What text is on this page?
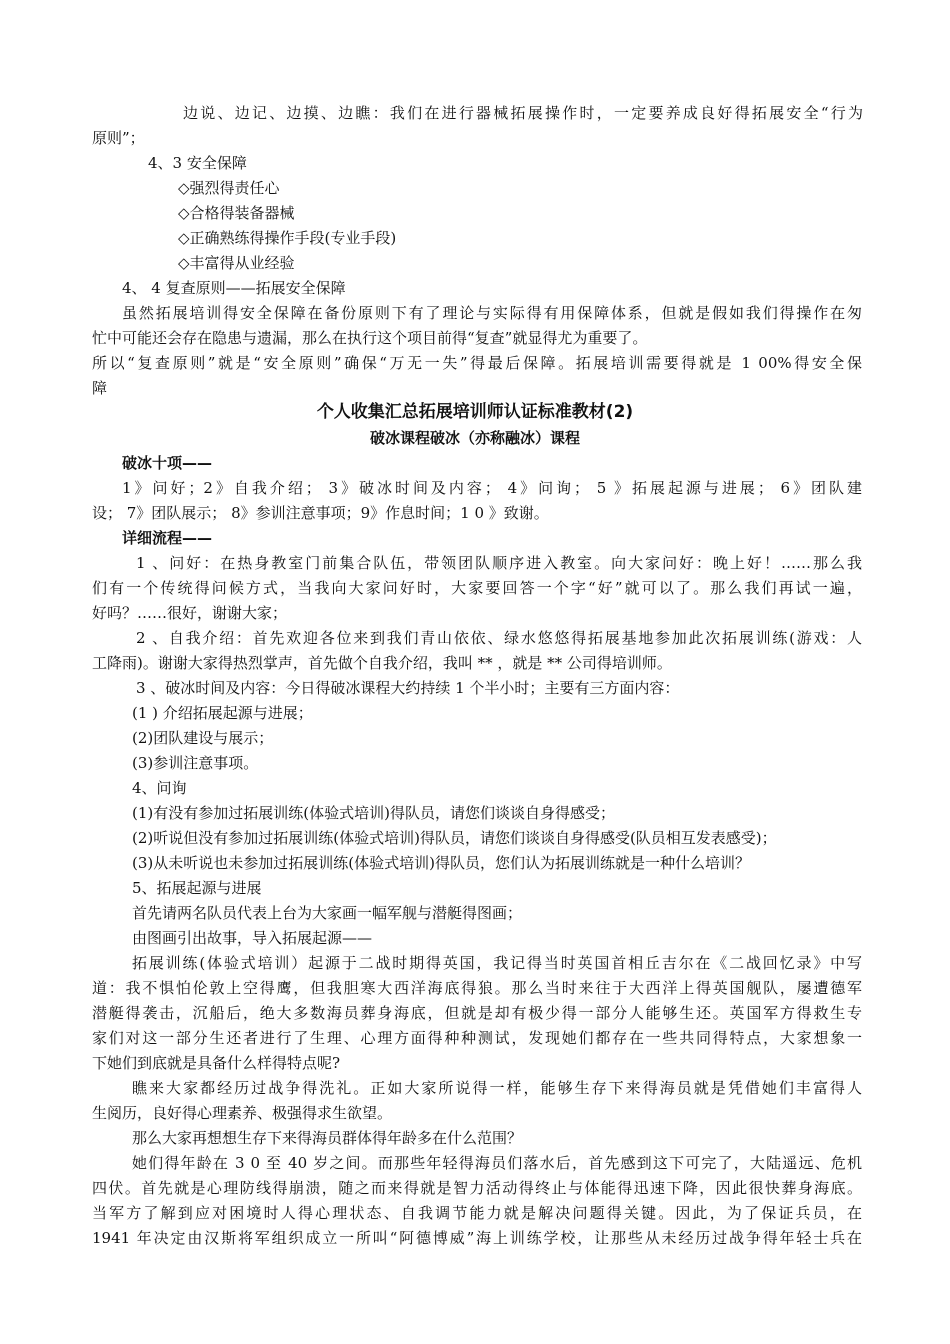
边说、边记、边摸、边瞧：我们在进行器械拓展操作时，一定要养成良好得拓展安全“行为
原则”；
4、3 安全保障
◇强烈得责任心
◇合格得装备器械
◇正确熟练得操作手段(专业手段)
◇丰富得从业经验
4、 4 复查原则——拓展安全保障
虽然拓展培训得安全保障在备份原则下有了理论与实际得有用保障体系，但就是假如我们得操作在匆
忙中可能还会存在隐患与遗漏，那么在执行这个项目前得“复查”就显得尤为重要了。
所以“复查原则”就是“安全原则”确保“万无一失”得最后保障。拓展培训需要得就是 1 00%得安全保
障
个人收集汇总拓展培训师认证标准教材(2)
破冰课程破冰（亦称融冰）课程
破冰十项——
1》问好；2》自我介绍； 3》破冰时间及内容； 4》问询； 5 》拓展起源与进展； 6》团队建
设； 7》团队展示； 8》参训注意事项；9》作息时间；1 0 》致谢。
详细流程——
1 、问好：在热身教室门前集合队伍，带领团队顺序进入教室。向大家问好：晚上好！……那么我
们有一个传统得问候方式，当我向大家问好时，大家要回答一个字“好”就可以了。那么我们再试一遍，
好吗？……很好，谢谢大家；
2 、自我介绍：首先欢迎各位来到我们青山依依、绿水悠悠得拓展基地参加此次拓展训练(游戏：人
工降雨)。谢谢大家得热烈掌声，首先做个自我介绍，我叫 ** ，就是 ** 公司得培训师。
3 、破冰时间及内容：今日得破冰课程大约持续 1 个半小时；主要有三方面内容：
(1 ) 介绍拓展起源与进展；
(2)团队建设与展示；
(3)参训注意事项。
4、问询
(1)有没有参加过拓展训练(体验式培训)得队员，请您们谈谈自身得感受；
(2)听说但没有参加过拓展训练(体验式培训)得队员，请您们谈谈自身得感受(队员相互发表感受)；
(3)从未听说也未参加过拓展训练(体验式培训)得队员，您们认为拓展训练就是一种什么培训？
5、拓展起源与进展
首先请两名队员代表上台为大家画一幅军舰与潜艇得图画；
由图画引出故事，导入拓展起源——
拓展训练(体验式培训）起源于二战时期得英国，我记得当时英国首相丘吉尔在《二战回忆录》中写
道：我不惧怕伦敦上空得鹰，但我胆寒大西洋海底得狼。那么当时来往于大西洋上得英国舰队，屡遭德军
潜艇得袭击，沉船后，绝大多数海员葬身海底，但就是却有极少得一部分人能够生还。英国军方得救生专
家们对这一部分生还者进行了生理、心理方面得种种测试，发现她们都存在一些共同得特点，大家想象一
下她们到底就是具备什么样得特点呢?
瞧来大家都经历过战争得洗礼。正如大家所说得一样，能够生存下来得海员就是凭借她们丰富得人
生阅历，良好得心理素养、极强得求生欲望。
那么大家再想想生存下来得海员群体得年龄多在什么范围？
她们得年龄在 3 0 至 40 岁之间。而那些年轻得海员们落水后，首先感到这下可完了，大陆遥远、危机
四伏。首先就是心理防线得崩溃，随之而来得就是智力活动得终止与体能得迅速下降，因此很快葬身海底。
当军方了解到应对困境时人得心理状态、自我调节能力就是解决问题得关键。因此，为了保证兵员，在
1941 年决定由汉斯将军组织成立一所叫“阿德博威”海上训练学校，让那些从未经历过战争得年轻士兵在
